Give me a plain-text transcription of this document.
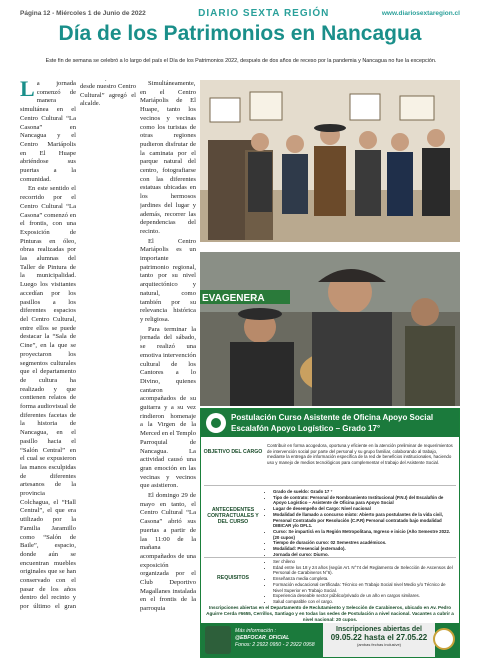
Página 12 - Miércoles 1 de Junio de 2022	DIARIO SEXTA REGIÓN	www.diariosextaregion.cl
Día de los Patrimonios en Nancagua
Este fin de semana se celebró a lo largo del país el Día de los Patrimonios 2022, después de dos años de receso por la pandemia y Nancagua no fue la excepción.

La jornada comenzó de manera simultánea en el Centro Cultural “La Casona” en Nancagua y el Centro Mariápolis en El Huape abriéndose sus puertas a la comunidad.

En este sentido el recorrido por el Centro Cultural “La Casona” comenzó en el frontis, con una Exposición de Pinturas en óleo, obras realizadas por las alumnas del Taller de Pintura de la municipalidad. Luego los visitantes accedían por los pasillos a los diferentes espacios del Centro Cultural, entre ellos se puede destacar la “Sala de Cine”, en la que se proyectaron los segmentos culturales que el departamento de cultura ha realizado y que contienen relatos de forma audiovisual de diferentes facetas de la historia de Nancagua, en el pasillo hacia el “Salón Central” en el cual se expusieron las manos esculpidas de diferentes artesanos de la provincia Colchagua, el “Hall Central”, el que era utilizado por la Familia Jaramillo como “Salón de Baile”, espacio, donde aún se encuentran muebles originales que se han conservado con el pasar de los años dentro del recinto y por último el gran

desde nuestro Centro Cultural” agregó el alcalde.

Simultáneamente, en el Centro Mariápolis de El Huape, tanto los vecinos y vecinas como los turistas de otras regiones pudieron disfrutar de la caminata por el parque natural del centro, fotografiarse con las diferentes estatuas ubicadas en los hermosos jardines del lugar y además, recorrer las dependencias del recinto.

El Centro Mariápolis es un importante patrimonio regional, tanto por su nivel arquitectónico y natural, como también por su relevancia histórica y religiosa.

Para terminar la jornada del sábado, se realizó una emotiva intervención cultural de los Cantores a lo Divino, quienes cantaron acompañados de su guitarra y a su vez rindieron homenaje a la Virgen de la Merced en el Templo Parroquial de Nancagua. La actividad causó una gran emoción en las vecinas y vecinos que asistieron.

El domingo 29 de mayo en tanto, el Centro Cultural “La Casona” abrió sus puertas a partir de las 11:00 de la mañana acompañados de una exposición organizada por el Club Deportivo Magallanes instalada en el frontis de la parroquia

EVAGENERA
Postulación Curso Asistente de Oficina Apoyo Social
Escalafón Apoyo Logístico – Grado 17°
OBJETIVO DEL CARGO
Contribuir en forma acogedora, oportuna y eficiente en la atención preliminar de requerimientos de intervención social por parte del personal y su grupo familiar, colaborando al trabajo, mediante la entrega de información específica de la red de beneficios institucionales, haciendo uso y manejo de medios tecnológicos para complementar el trabajo del Asistente Social.
ANTECEDENTES CONTRACTUALES Y DEL CURSO
• Grado de sueldo: Grado 17 °
• Tipo de contrato: Personal de Nombramiento Institucional (P.N.I) del Escalafón de Apoyo Logístico – Asistente de Oficina para Apoyo Social
• Lugar de desempeño del Cargo: Nivel nacional
• Modalidad de llamado a concurso mixto: Abierto para postulantes de la vida civil, Personal Contratado por Resolución (C.P.R) Personal contratado bajo modalidad DIBICAR y/o DFL1.
• Curso: Se impartirá en la Región Metropolitana, Ingreso e inicio (Año Semestre 2022. (20 cupos)
• Tiempo de duración curso: 02 Semestres académicos.
• Modalidad: Presencial (externado).
• Jornada del curso: Diurno.
REQUISITOS
• Ser chileno
• Edad entre los 18 y 24 años (según Art. N°74 del Reglamento de Selección de Ascensos del Personal de Carabineros N°6).
• Enseñanza media completa.
• Formación educacional certificada: Técnico en Trabajo Social nivel Medio y/o Técnico de Nivel Superior en Trabajo Social.
• Experiencia deseable sector público/privado de un año en cargos similares.
• Salud compatible con el cargo.
Inscripciones abiertas en el Departamento de Reclutamiento y Selección de Carabineros, ubicado en Av. Pedro Aguirre Cerda #6655, Cerrillos, Santiago y en todas las sedes de Postulación a nivel nacional. Vacantes a cubrir a nivel nacional: 20 cupos.
Más información :
@EBFOCAR_OFICIAL
Fonos: 2 2922 0950 - 2 2922 0958
Inscripciones abiertas del
09.05.22 hasta el 27.05.22
(ambas fechas inclusive)
